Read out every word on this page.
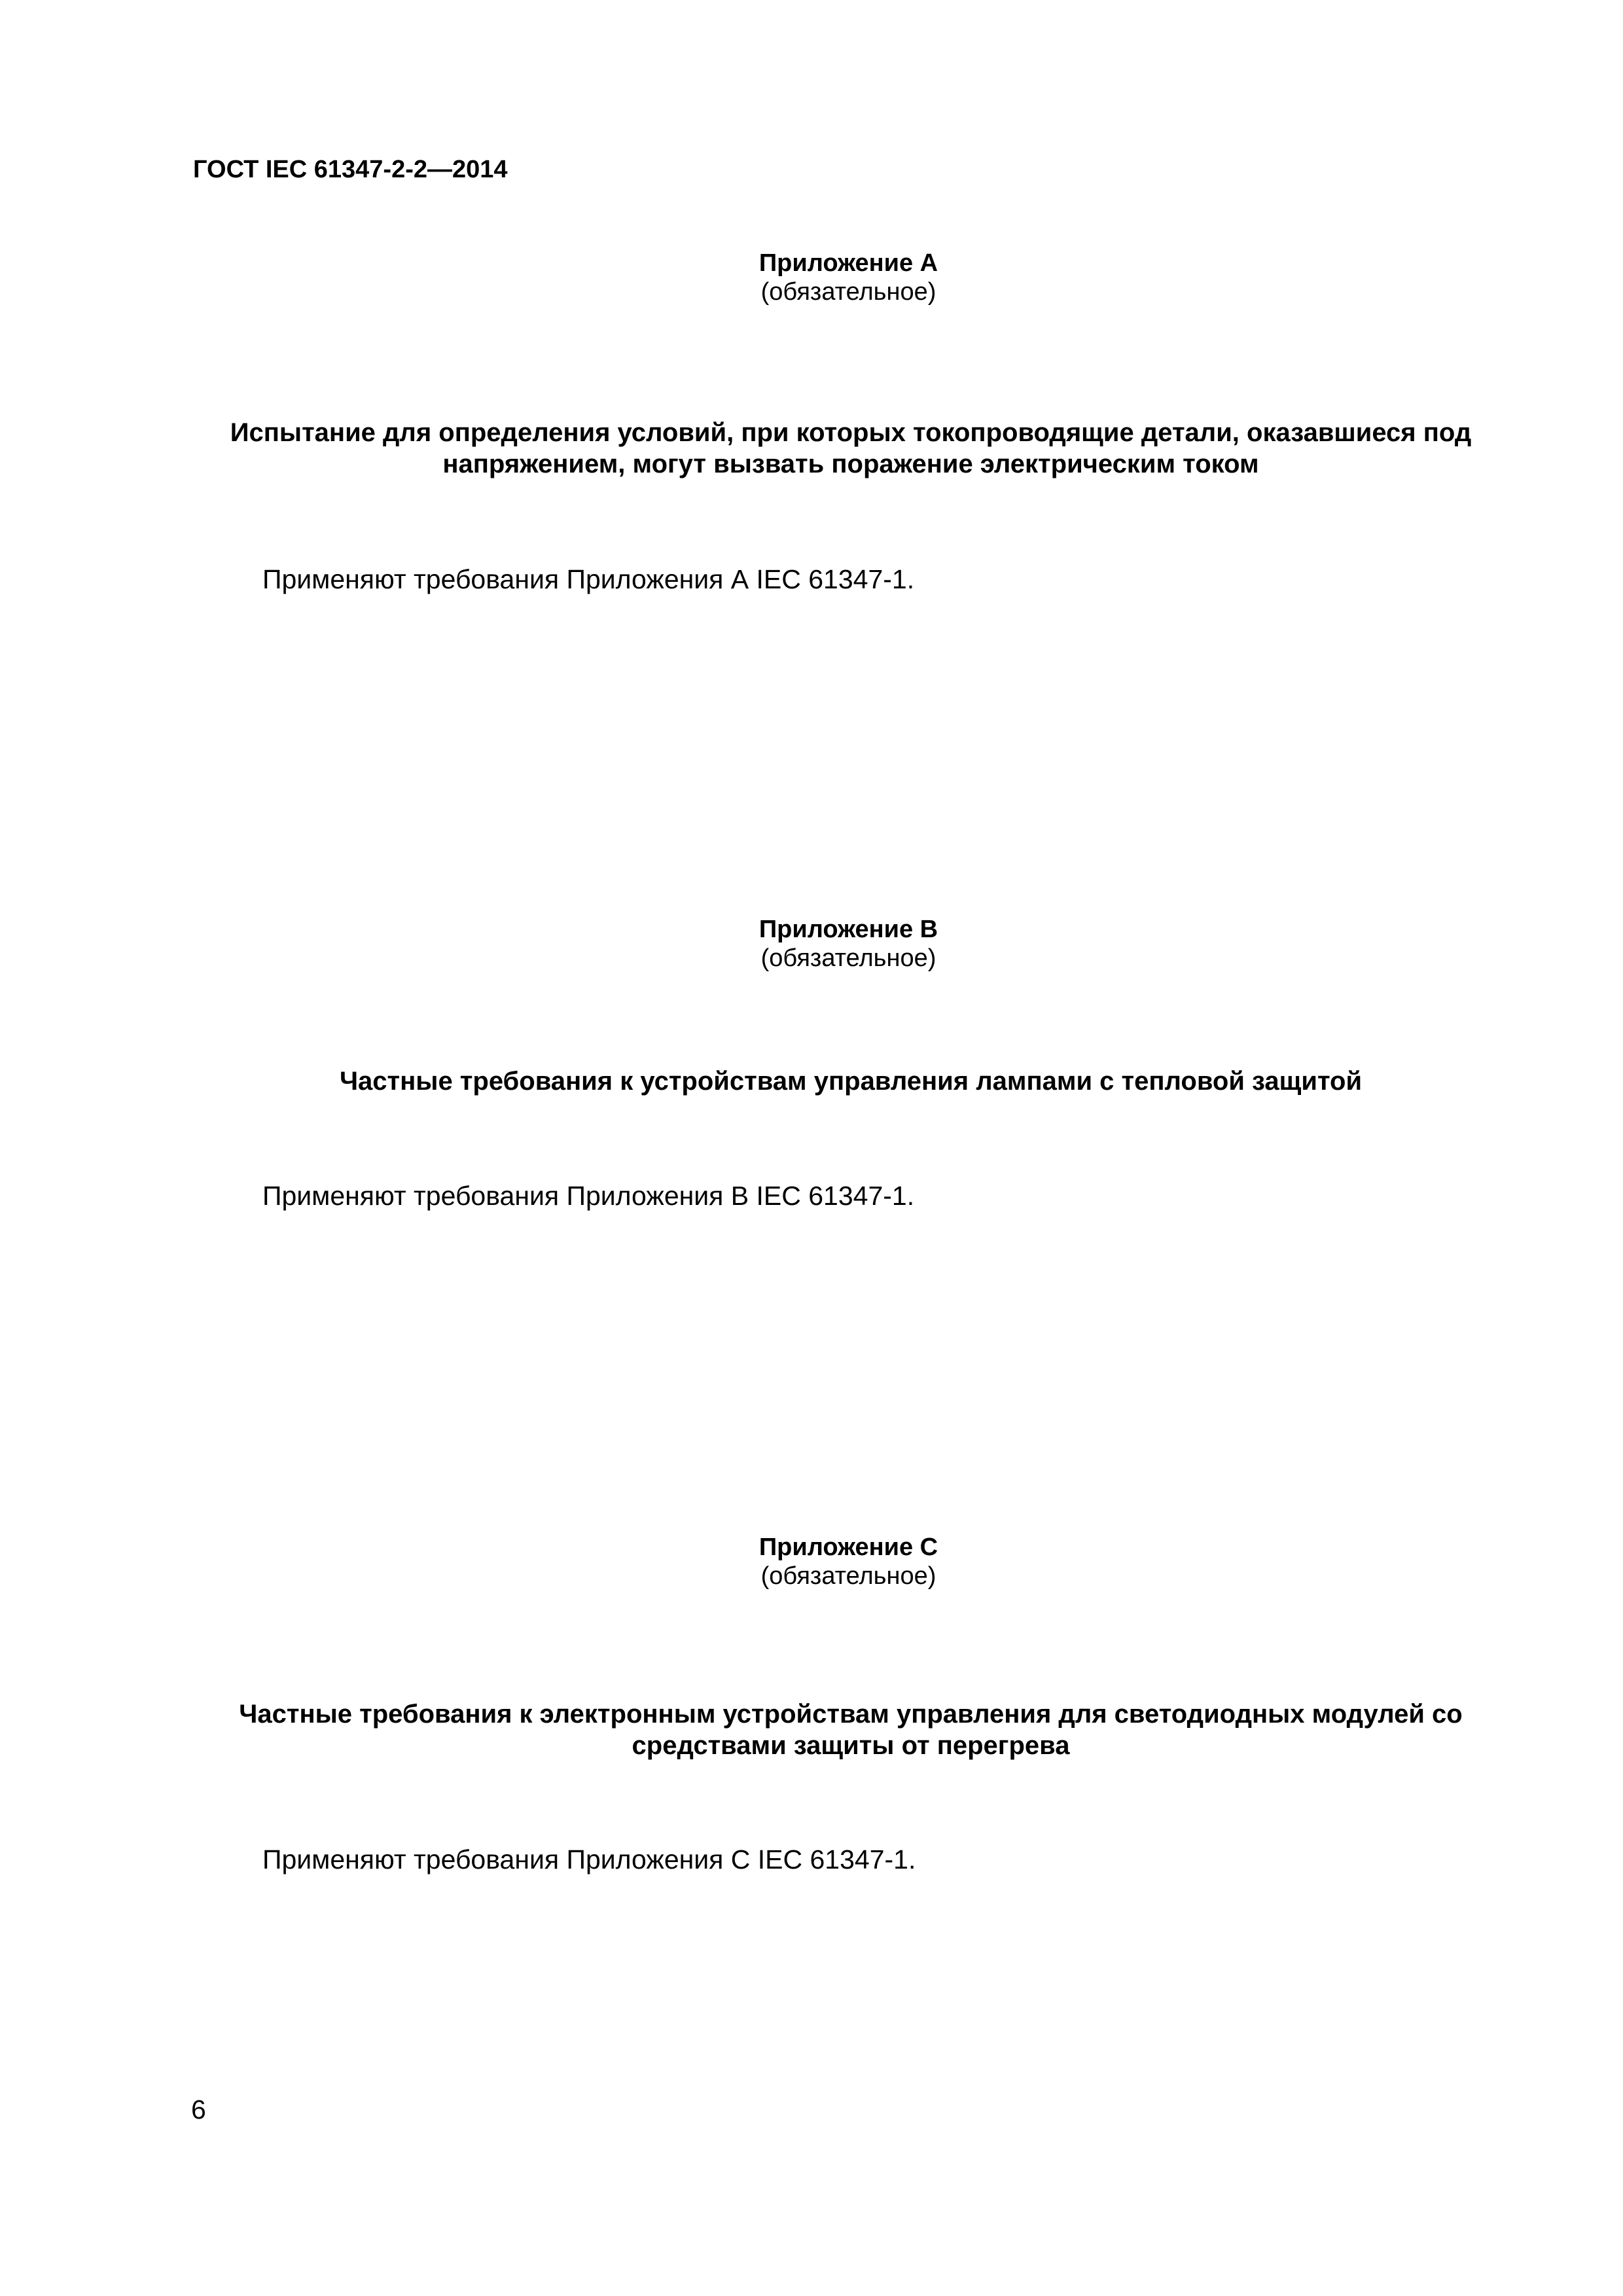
ГОСТ IEC 61347-2-2—2014
Приложение А
(обязательное)
Испытание для определения условий, при которых токопроводящие детали, оказавшиеся под
напряжением, могут вызвать поражение электрическим током
Применяют требования Приложения А IEC 61347-1.
Приложение В
(обязательное)
Частные требования к устройствам управления лампами с тепловой защитой
Применяют требования Приложения В IEC 61347-1.
Приложение С
(обязательное)
Частные требования к электронным устройствам управления для светодиодных модулей со
средствами защиты от перегрева
Применяют требования Приложения С IEC 61347-1.
6
